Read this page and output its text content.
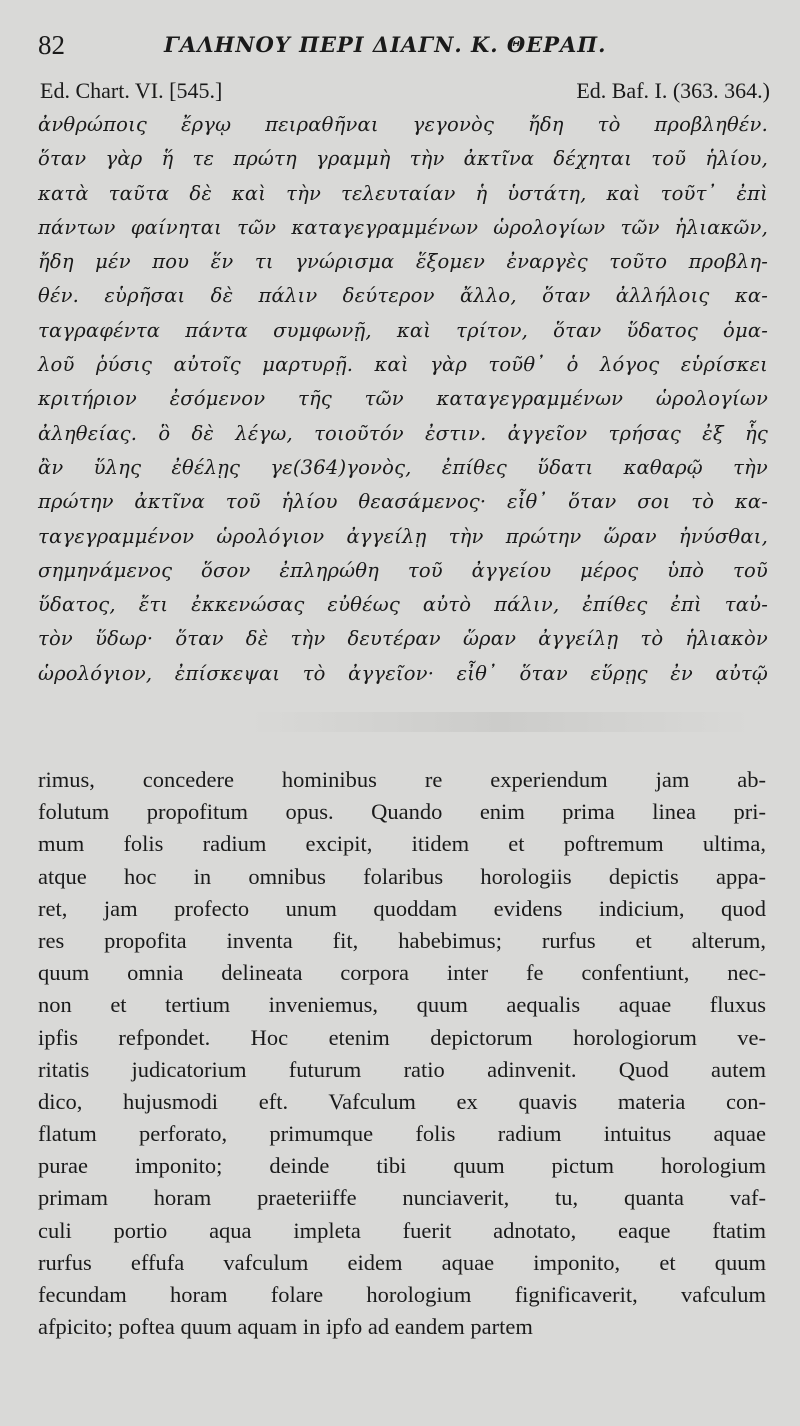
82	ΓΑΛΗΝΟΥ ΠΕΡΙ ΔΙΑΓΝ. Κ. ΘΕΡΑΠ.
Ed. Chart. VI. [545.]	Ed. Baf. I. (363. 364.)
ἀνθρώποις ἔργῳ πειραθῆναι γεγονὸς ἤδη τὸ προβληθέν.
ὅταν γὰρ ἥ τε πρώτη γραμμὴ τὴν ἀκτῖνα δέχηται τοῦ ἡλίου,
κατὰ ταῦτα δὲ καὶ τὴν τελευταίαν ἡ ὑστάτη, καὶ τοῦτ᾽ ἐπὶ
πάντων φαίνηται τῶν καταγεγραμμένων ὡρολογίων τῶν ἡλιακῶν,
ἤδη μέν που ἕν τι γνώρισμα ἕξομεν ἐναργὲς τοῦτο προβλη-
θέν. εὑρῆσαι δὲ πάλιν δεύτερον ἄλλο, ὅταν ἀλλήλοις κα-
ταγραφέντα πάντα συμφωνῇ, καὶ τρίτον, ὅταν ὕδατος ὁμα-
λοῦ ῥύσις αὐτοῖς μαρτυρῇ. καὶ γὰρ τοῦθ᾽ ὁ λόγος εὑρίσκει
κριτήριον ἐσόμενον τῆς τῶν καταγεγραμμένων ὡρολογίων
ἀληθείας. ὃ δὲ λέγω, τοιοῦτόν ἐστιν. ἀγγεῖον τρήσας ἐξ ἧς
ἂν ὕλης ἐθέλῃς γε(364)γονὸς, ἐπίθες ὕδατι καθαρῷ τὴν
πρώτην ἀκτῖνα τοῦ ἡλίου θεασάμενος· εἶθ᾽ ὅταν σοι τὸ κα-
ταγεγραμμένον ὡρολόγιον ἀγγείλῃ τὴν πρώτην ὥραν ἠνύσθαι,
σημηνάμενος ὅσον ἐπληρώθη τοῦ ἀγγείου μέρος ὑπὸ τοῦ
ὕδατος, ἔτι ἐκκενώσας εὐθέως αὐτὸ πάλιν, ἐπίθες ἐπὶ ταὐ-
τὸν ὕδωρ· ὅταν δὲ τὴν δευτέραν ὥραν ἀγγείλῃ τὸ ἡλιακὸν
ὡρολόγιον, ἐπίσκεψαι τὸ ἀγγεῖον· εἶθ᾽ ὅταν εὕρῃς ἐν αὐτῷ
rimus, concedere hominibus re experiendum jam ab-
folutum propofitum opus. Quando enim prima linea pri-
mum folis radium excipit, itidem et poftremum ultima,
atque hoc in omnibus folaribus horologiis depictis appa-
ret, jam profecto unum quoddam evidens indicium, quod
res propofita inventa fit, habebimus; rurfus et alterum,
quum omnia delineata corpora inter fe confentiunt, nec-
non et tertium inveniemus, quum aequalis aquae fluxus
ipfis refpondet. Hoc etenim depictorum horologiorum ve-
ritatis judicatorium futurum ratio adinvenit. Quod autem
dico, hujusmodi eft. Vafculum ex quavis materia con-
flatum perforato, primumque folis radium intuitus aquae
purae imponito; deinde tibi quum pictum horologium
primam horam praeteriiffe nunciaverit, tu, quanta vaf-
culi portio aqua impleta fuerit adnotato, eaque ftatim
rurfus effufa vafculum eidem aquae imponito, et quum
fecundam horam folare horologium fignificaverit, vafculum
afpicito; poftea quum aquam in ipfo ad eandem partem
